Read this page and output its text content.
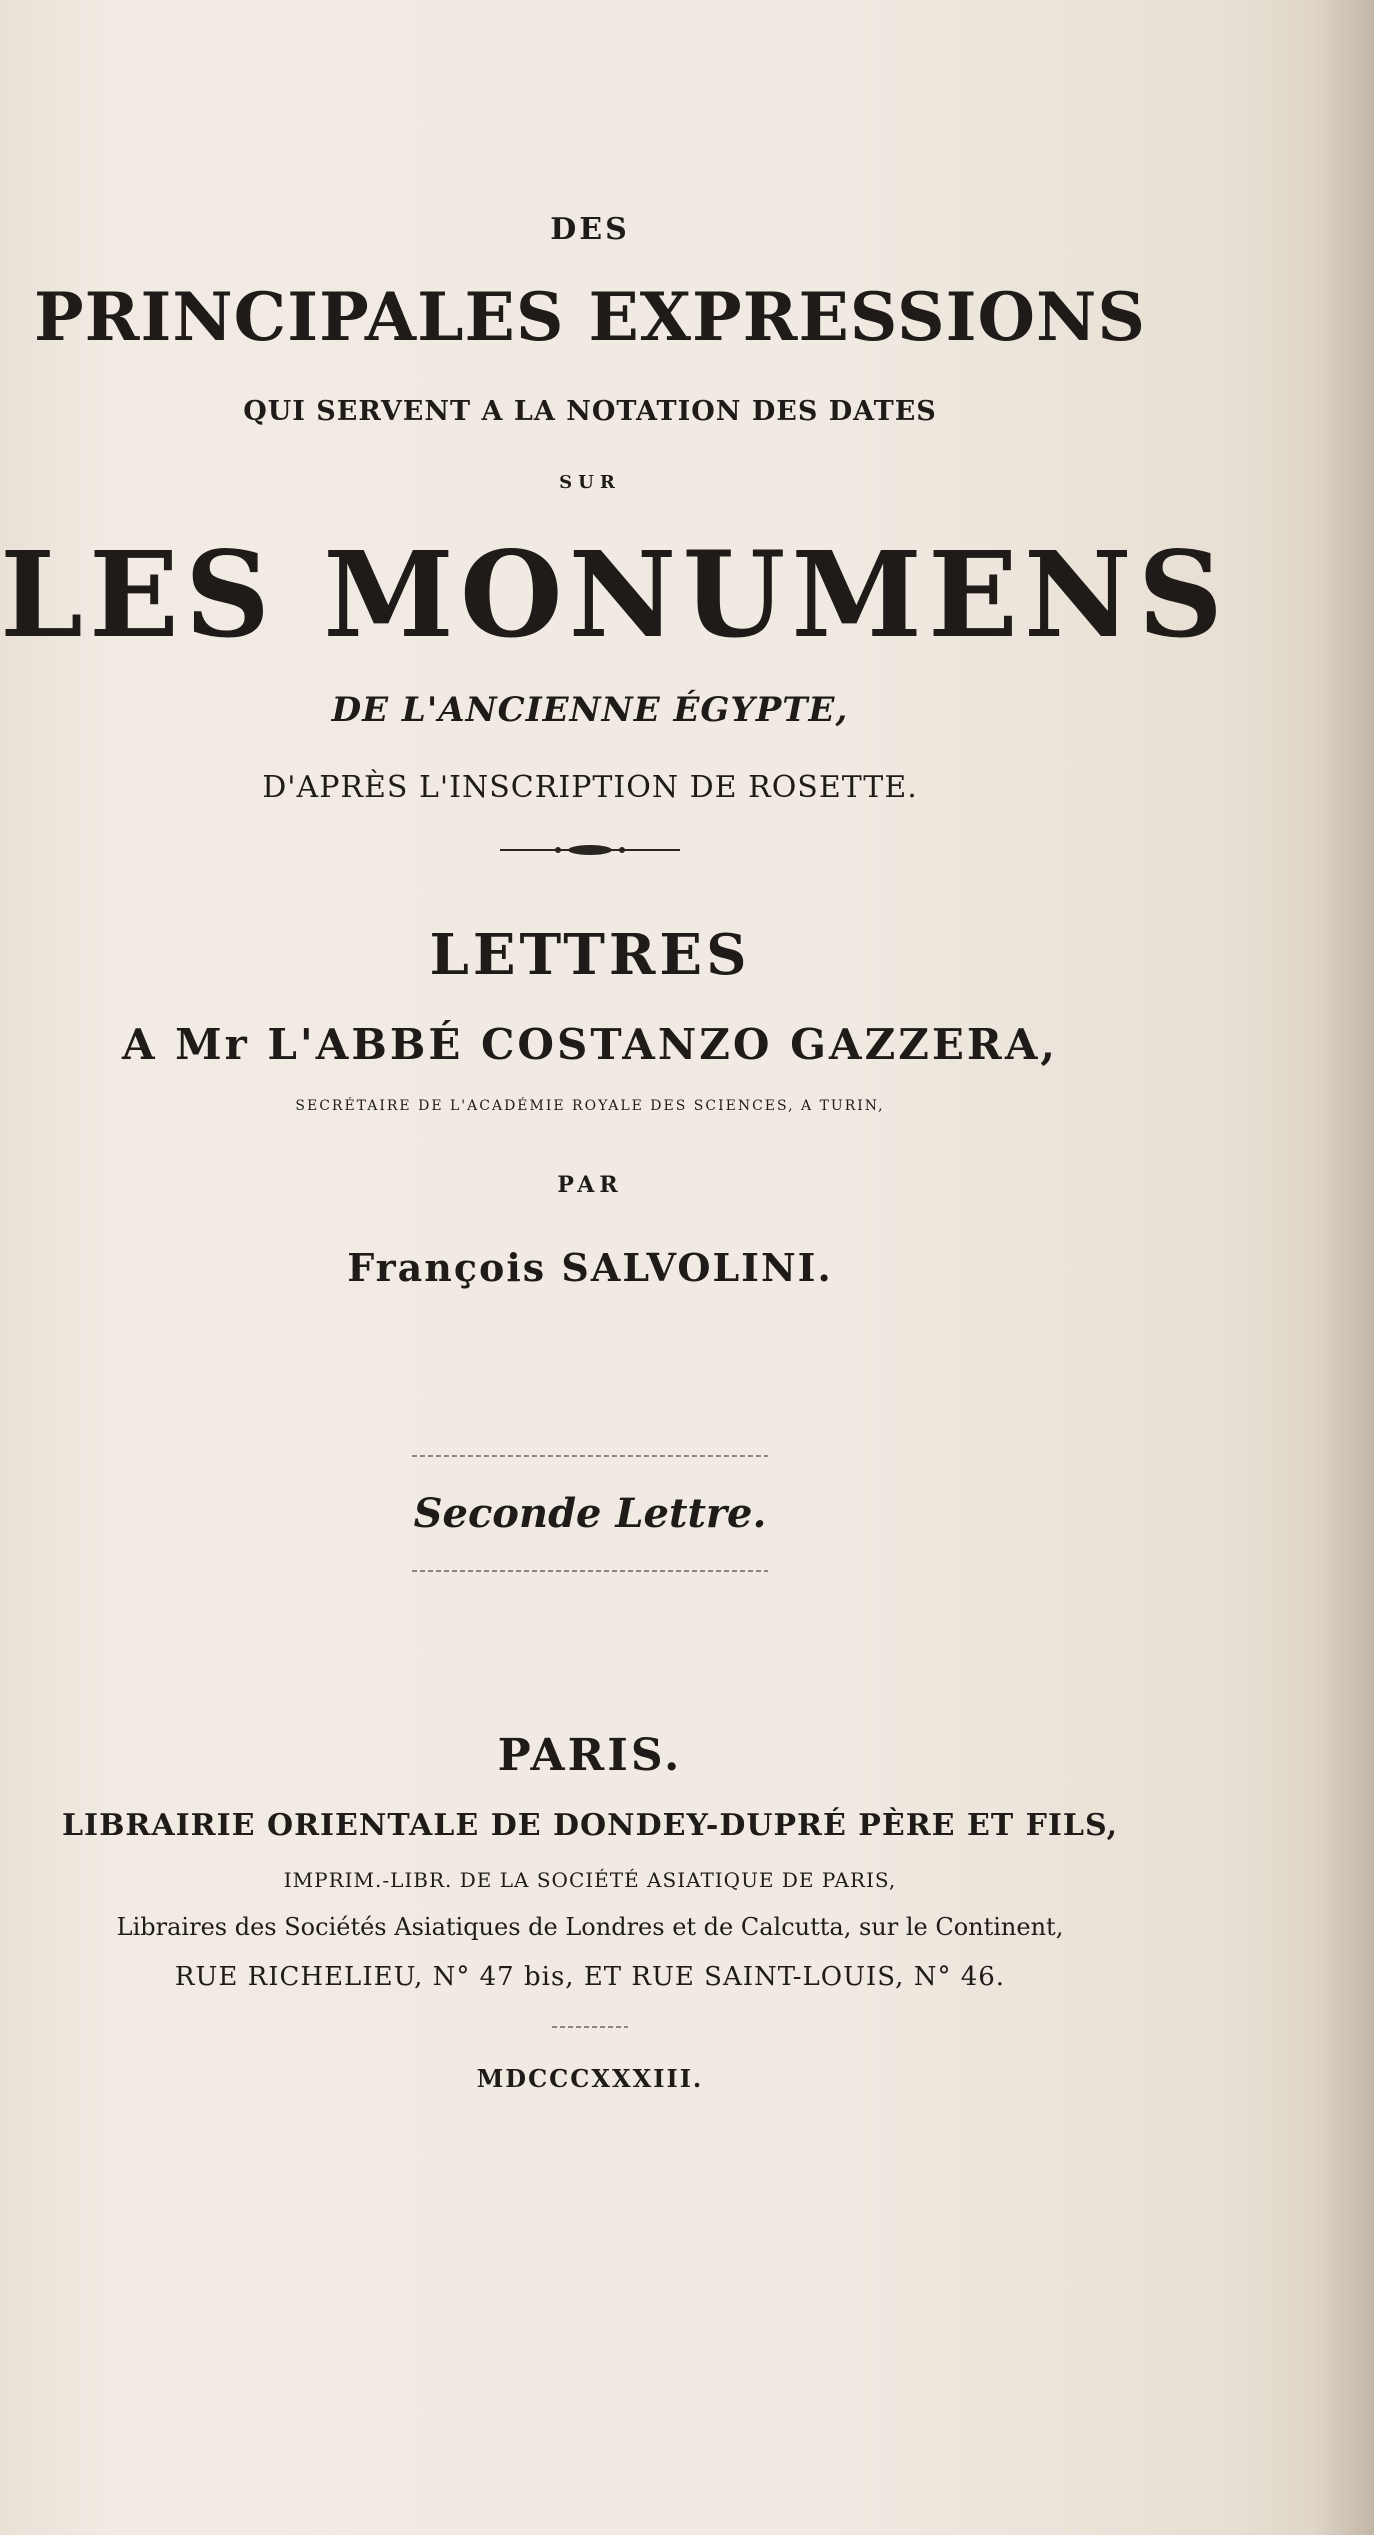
DES
PRINCIPALES EXPRESSIONS
QUI SERVENT A LA NOTATION DES DATES
SUR
LES MONUMENS
DE L'ANCIENNE ÉGYPTE,
D'APRÈS L'INSCRIPTION DE ROSETTE.
LETTRES
A Mr L'ABBÉ COSTANZO GAZZERA,
SECRÉTAIRE DE L'ACADÉMIE ROYALE DES SCIENCES, A TURIN,
PAR
François SALVOLINI.
Seconde Lettre.
PARIS.
LIBRAIRIE ORIENTALE DE DONDEY-DUPRÉ PÈRE ET FILS,
IMPRIM.-LIBR. DE LA SOCIÉTÉ ASIATIQUE DE PARIS,
Libraires des Sociétés Asiatiques de Londres et de Calcutta, sur le Continent,
RUE RICHELIEU, N° 47 bis, ET RUE SAINT-LOUIS, N° 46.
MDCCCXXXIII.
